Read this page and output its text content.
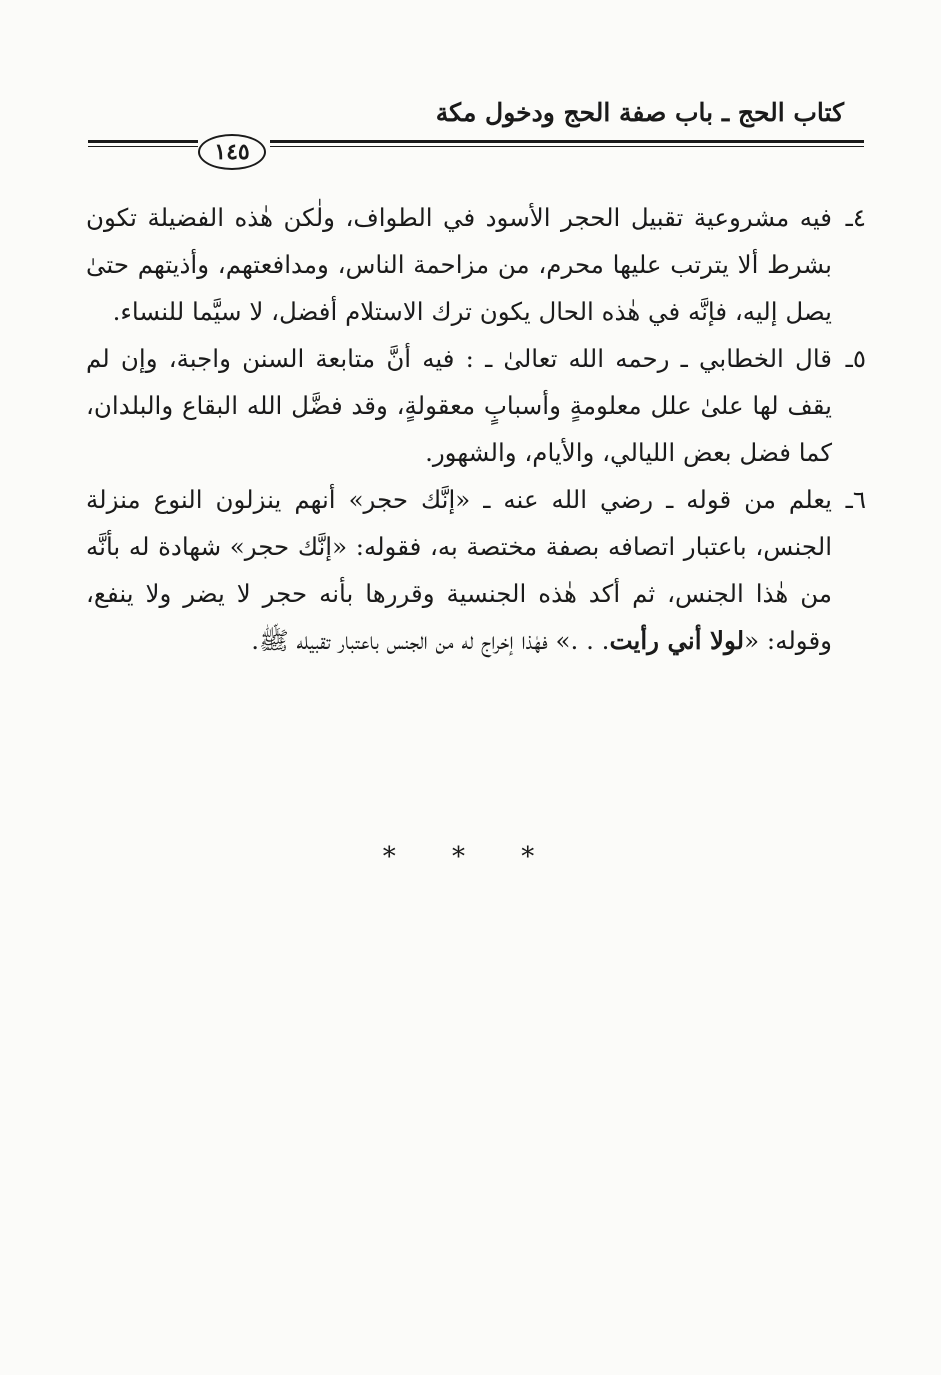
كتاب الحج ـ باب صفة الحج ودخول مكة
١٤٥
٤ـ
فيه مشروعية تقبيل الحجر الأسود في الطواف، ولٰكن هٰذه الفضيلة تكون بشرط ألا يترتب عليها محرم، من مزاحمة الناس، ومدافعتهم، وأذيتهم حتىٰ يصل إليه، فإنَّه في هٰذه الحال يكون ترك الاستلام أفضل، لا سيَّما للنساء.
٥ـ
قال الخطابي ـ رحمه الله تعالىٰ ـ : فيه أنَّ متابعة السنن واجبة، وإن لم يقف لها علىٰ علل معلومةٍ وأسبابٍ معقولةٍ، وقد فضَّل الله البقاع والبلدان، كما فضل بعض الليالي، والأيام، والشهور.
٦ـ
يعلم من قوله ـ رضي الله عنه ـ «إنَّك حجر» أنهم ينزلون النوع منزلة الجنس، باعتبار اتصافه بصفة مختصة به، فقوله: «إنَّك حجر» شهادة له بأنَّه من هٰذا الجنس، ثم أكد هٰذه الجنسية وقررها بأنه حجر لا يضر ولا ينفع، وقوله: «لولا أني رأيت. . .» فهٰذا إخراج له من الجنس باعتبار تقبيله ﷺ.
* * *
